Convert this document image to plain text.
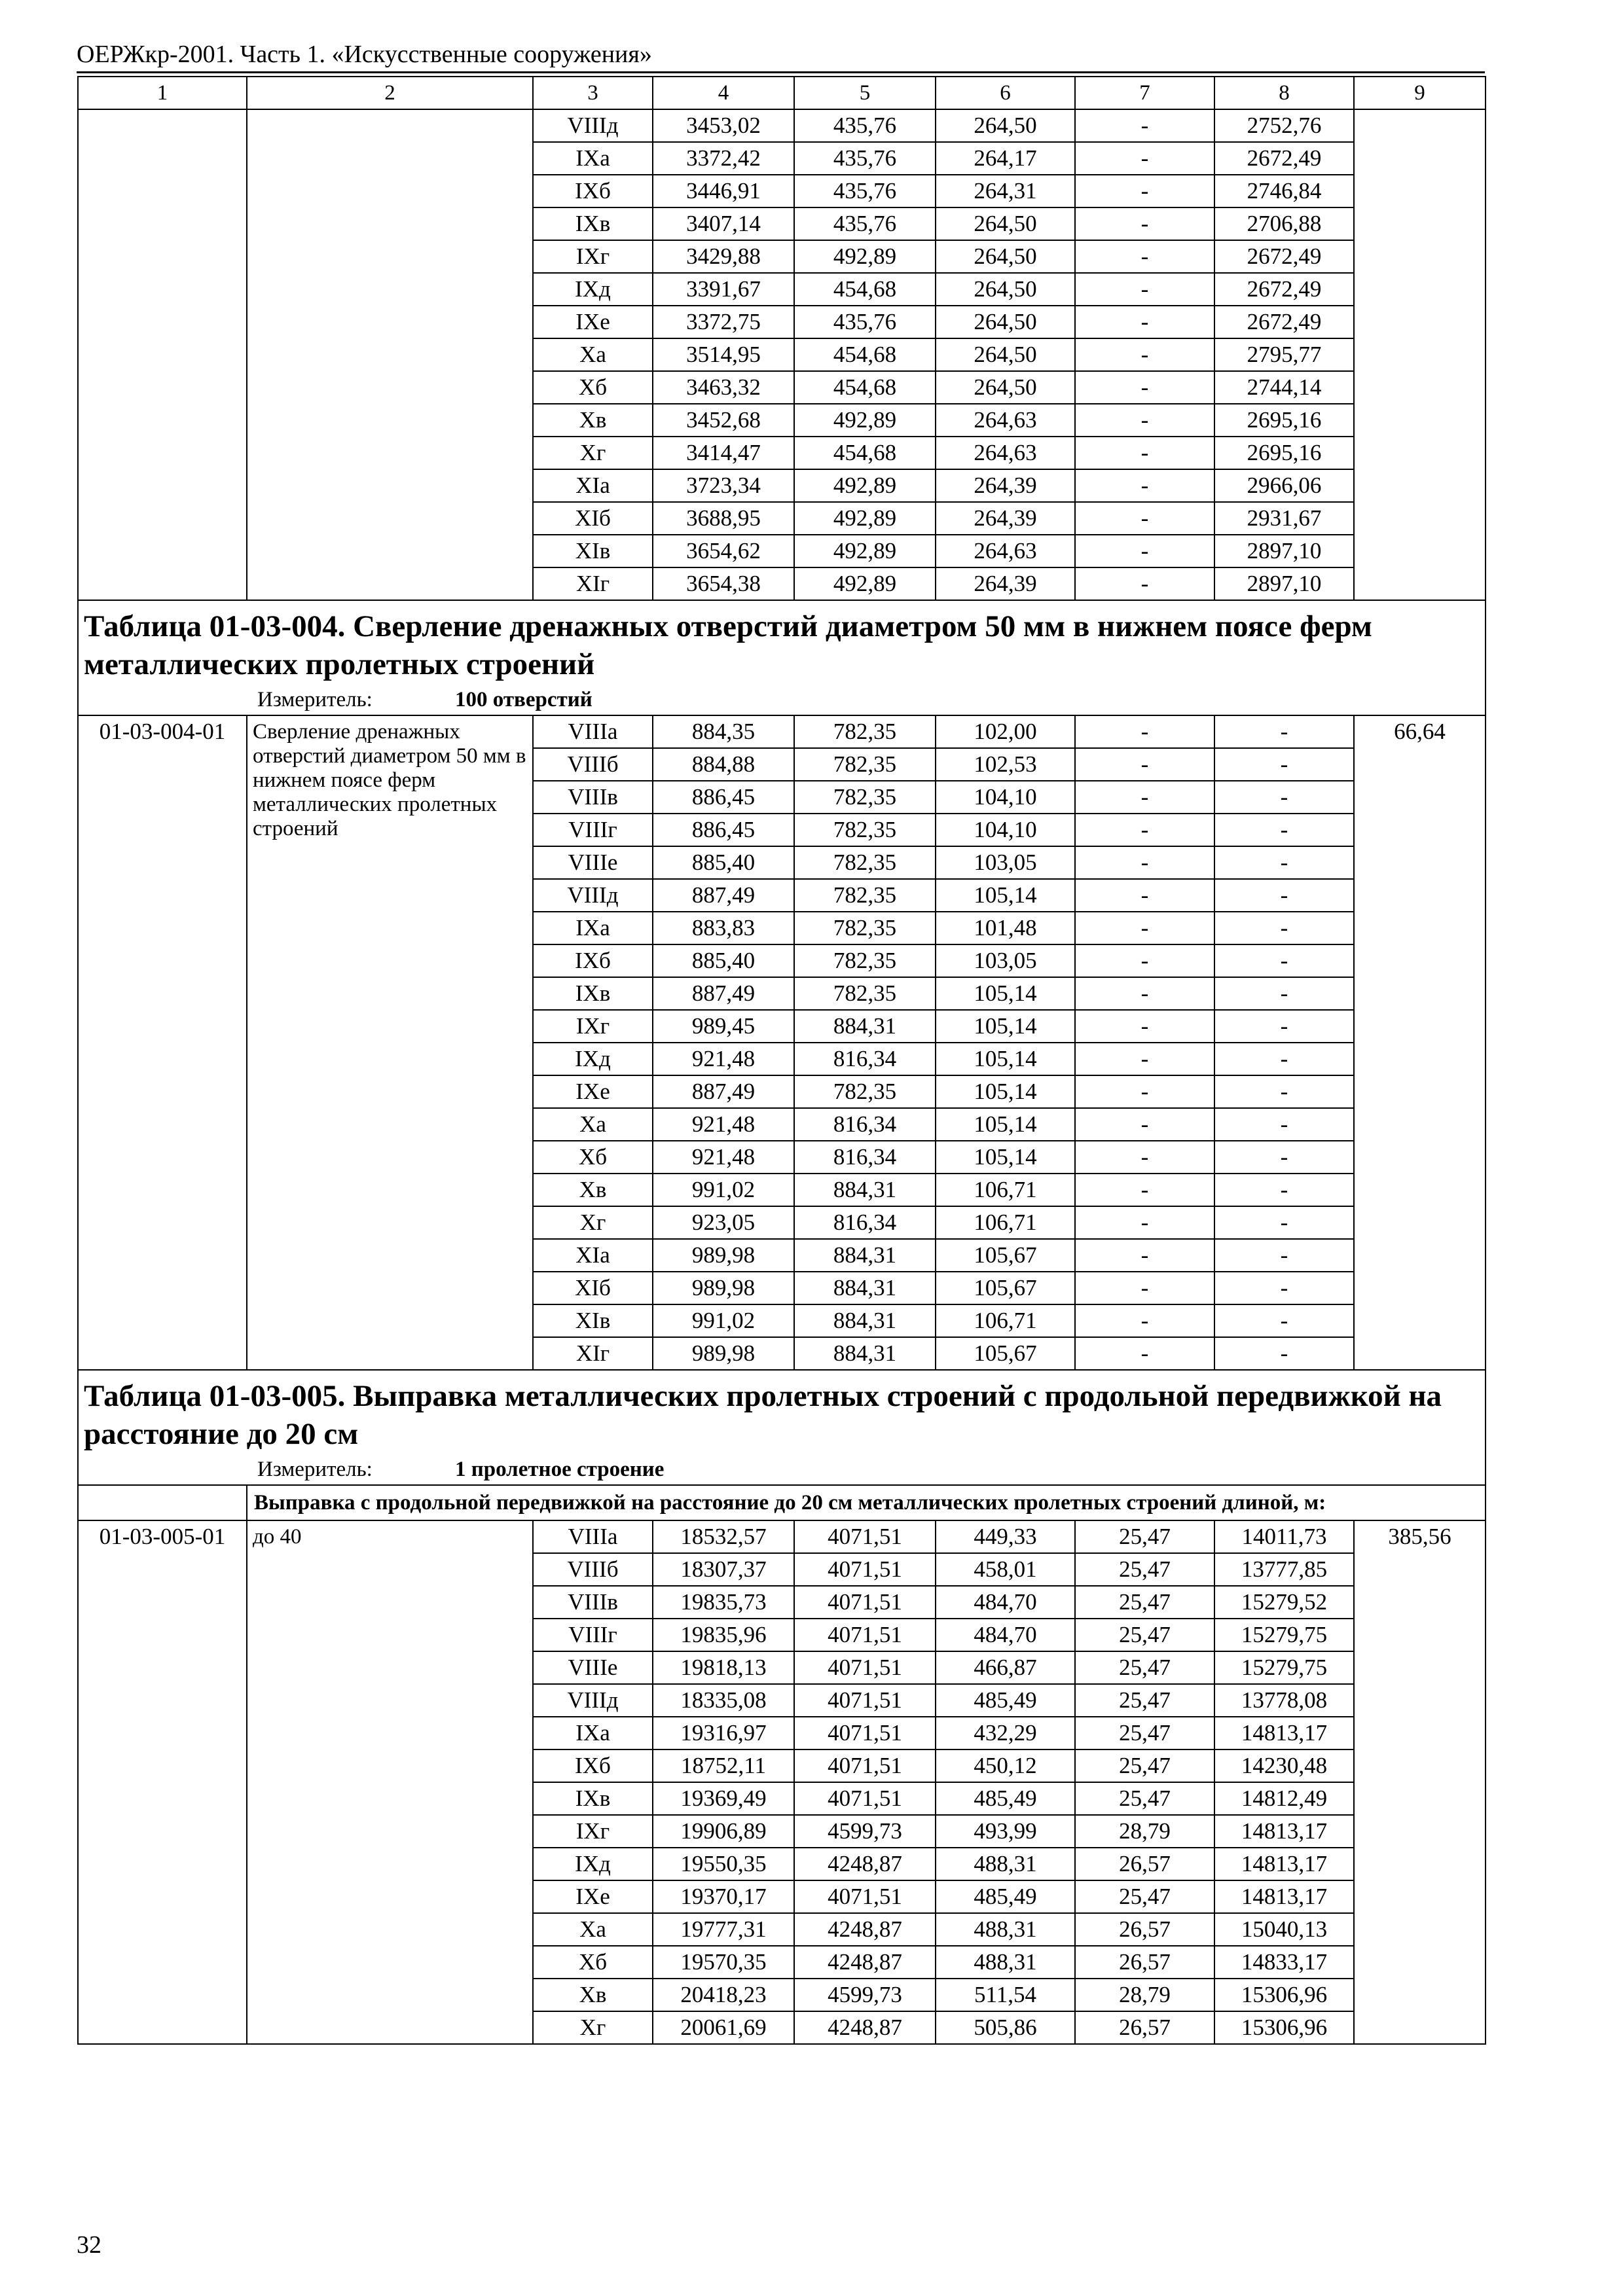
ОЕРЖкр-2001. Часть 1. «Искусственные сооружения»
1	2	3	4	5	6	7	8	9
		VIIIд	3453,02	435,76	264,50	-	2752,76	
		IXа	3372,42	435,76	264,17	-	2672,49	
		IXб	3446,91	435,76	264,31	-	2746,84	
		IXв	3407,14	435,76	264,50	-	2706,88	
		IXг	3429,88	492,89	264,50	-	2672,49	
		IXд	3391,67	454,68	264,50	-	2672,49	
		IXе	3372,75	435,76	264,50	-	2672,49	
		Xа	3514,95	454,68	264,50	-	2795,77	
		Xб	3463,32	454,68	264,50	-	2744,14	
		Xв	3452,68	492,89	264,63	-	2695,16	
		Xг	3414,47	454,68	264,63	-	2695,16	
		XIа	3723,34	492,89	264,39	-	2966,06	
		XIб	3688,95	492,89	264,39	-	2931,67	
		XIв	3654,62	492,89	264,63	-	2897,10	
		XIг	3654,38	492,89	264,39	-	2897,10	

Таблица 01-03-004. Сверление дренажных отверстий диаметром 50 мм в нижнем поясе ферм металлических пролетных строений
Измеритель: 100 отверстий								

01-03-004-01	Сверление дренажных отверстий диаметром 50 мм в нижнем поясе ферм металлических пролетных строений	VIIIа	884,35	782,35	102,00	-	-	66,64
		VIIIб	884,88	782,35	102,53	-	-	
		VIIIв	886,45	782,35	104,10	-	-	
		VIIIг	886,45	782,35	104,10	-	-	
		VIIIе	885,40	782,35	103,05	-	-	
		VIIIд	887,49	782,35	105,14	-	-	
		IXа	883,83	782,35	101,48	-	-	
		IXб	885,40	782,35	103,05	-	-	
		IXв	887,49	782,35	105,14	-	-	
		IXг	989,45	884,31	105,14	-	-	
		IXд	921,48	816,34	105,14	-	-	
		IXе	887,49	782,35	105,14	-	-	
		Xа	921,48	816,34	105,14	-	-	
		Xб	921,48	816,34	105,14	-	-	
		Xв	991,02	884,31	106,71	-	-	
		Xг	923,05	816,34	106,71	-	-	
		XIа	989,98	884,31	105,67	-	-	
		XIб	989,98	884,31	105,67	-	-	
		XIв	991,02	884,31	106,71	-	-	
		XIг	989,98	884,31	105,67	-	-	

Таблица 01-03-005. Выправка металлических пролетных строений с продольной передвижкой на расстояние до 20 см
Измеритель: 1 пролетное строение								

	Выправка с продольной передвижкой на расстояние до 20 см металлических пролетных строений длиной, м:							
01-03-005-01	до 40	VIIIа	18532,57	4071,51	449,33	25,47	14011,73	385,56
		VIIIб	18307,37	4071,51	458,01	25,47	13777,85	
		VIIIв	19835,73	4071,51	484,70	25,47	15279,52	
		VIIIг	19835,96	4071,51	484,70	25,47	15279,75	
		VIIIе	19818,13	4071,51	466,87	25,47	15279,75	
		VIIIд	18335,08	4071,51	485,49	25,47	13778,08	
		IXа	19316,97	4071,51	432,29	25,47	14813,17	
		IXб	18752,11	4071,51	450,12	25,47	14230,48	
		IXв	19369,49	4071,51	485,49	25,47	14812,49	
		IXг	19906,89	4599,73	493,99	28,79	14813,17	
		IXд	19550,35	4248,87	488,31	26,57	14813,17	
		IXе	19370,17	4071,51	485,49	25,47	14813,17	
		Xа	19777,31	4248,87	488,31	26,57	15040,13	
		Xб	19570,35	4248,87	488,31	26,57	14833,17	
		Xв	20418,23	4599,73	511,54	28,79	15306,96	
		Xг	20061,69	4248,87	505,86	26,57	15306,96	
32
